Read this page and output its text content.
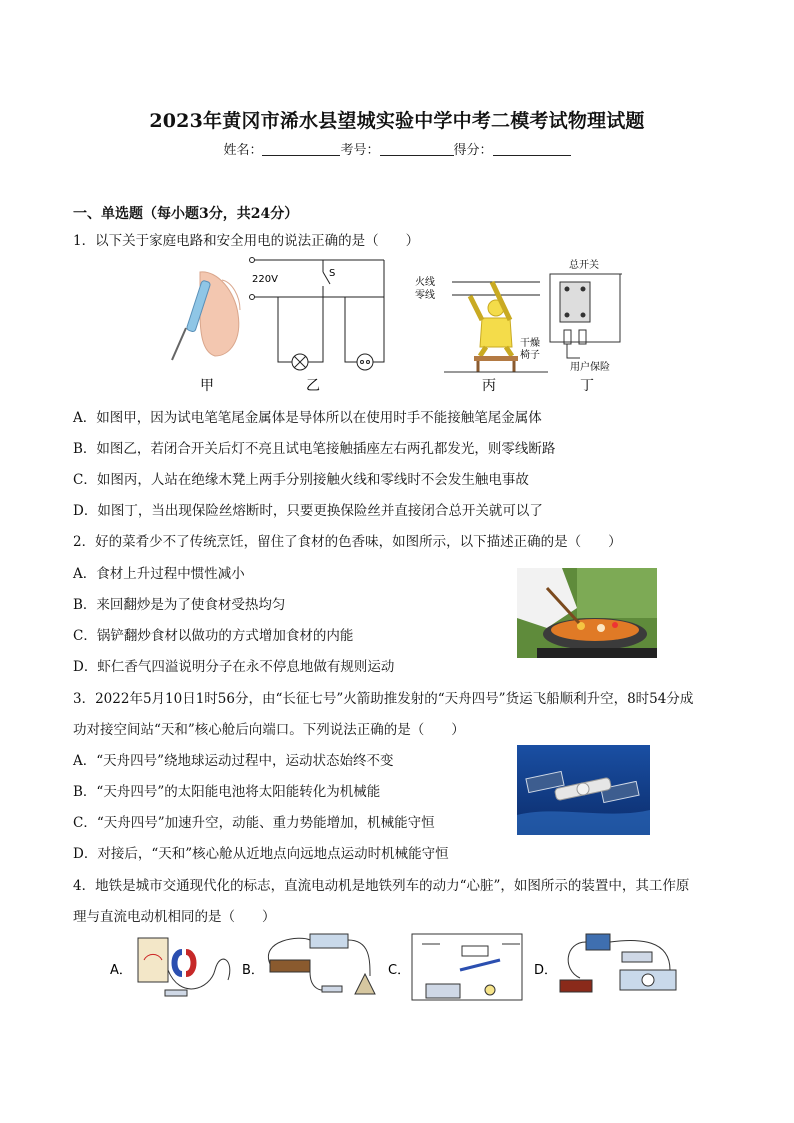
2023年黄冈市浠水县望城实验中学中考二模考试物理试题
姓名：	考号：	得分：
一、单选题（每小题3分，共24分）
1．以下关于家庭电路和安全用电的说法正确的是（　　）
甲
220V
S
乙
火线
零线
干燥
椅子
丙
总开关
用户保险
丁
A．如图甲，因为试电笔笔尾金属体是导体所以在使用时手不能接触笔尾金属体
B．如图乙，若闭合开关后灯不亮且试电笔接触插座左右两孔都发光，则零线断路
C．如图丙，人站在绝缘木凳上两手分别接触火线和零线时不会发生触电事故
D．如图丁，当出现保险丝熔断时，只要更换保险丝并直接闭合总开关就可以了
2．好的菜肴少不了传统烹饪，留住了食材的色香味，如图所示，以下描述正确的是（　　）
A．食材上升过程中惯性减小
B．来回翻炒是为了使食材受热均匀
C．锅铲翻炒食材以做功的方式增加食材的内能
D．虾仁香气四溢说明分子在永不停息地做有规则运动
3．2022年5月10日1时56分，由“长征七号”火箭助推发射的“天舟四号”货运飞船顺利升空，8时54分成
功对接空间站“天和”核心舱后向端口。下列说法正确的是（　　）
A．“天舟四号”绕地球运动过程中，运动状态始终不变
B．“天舟四号”的太阳能电池将太阳能转化为机械能
C．“天舟四号”加速升空，动能、重力势能增加，机械能守恒
D．对接后，“天和”核心舱从近地点向远地点运动时机械能守恒
4．地铁是城市交通现代化的标志，直流电动机是地铁列车的动力“心脏”，如图所示的装置中，其工作原
理与直流电动机相同的是（　　）
A．	B．	C．	D．
